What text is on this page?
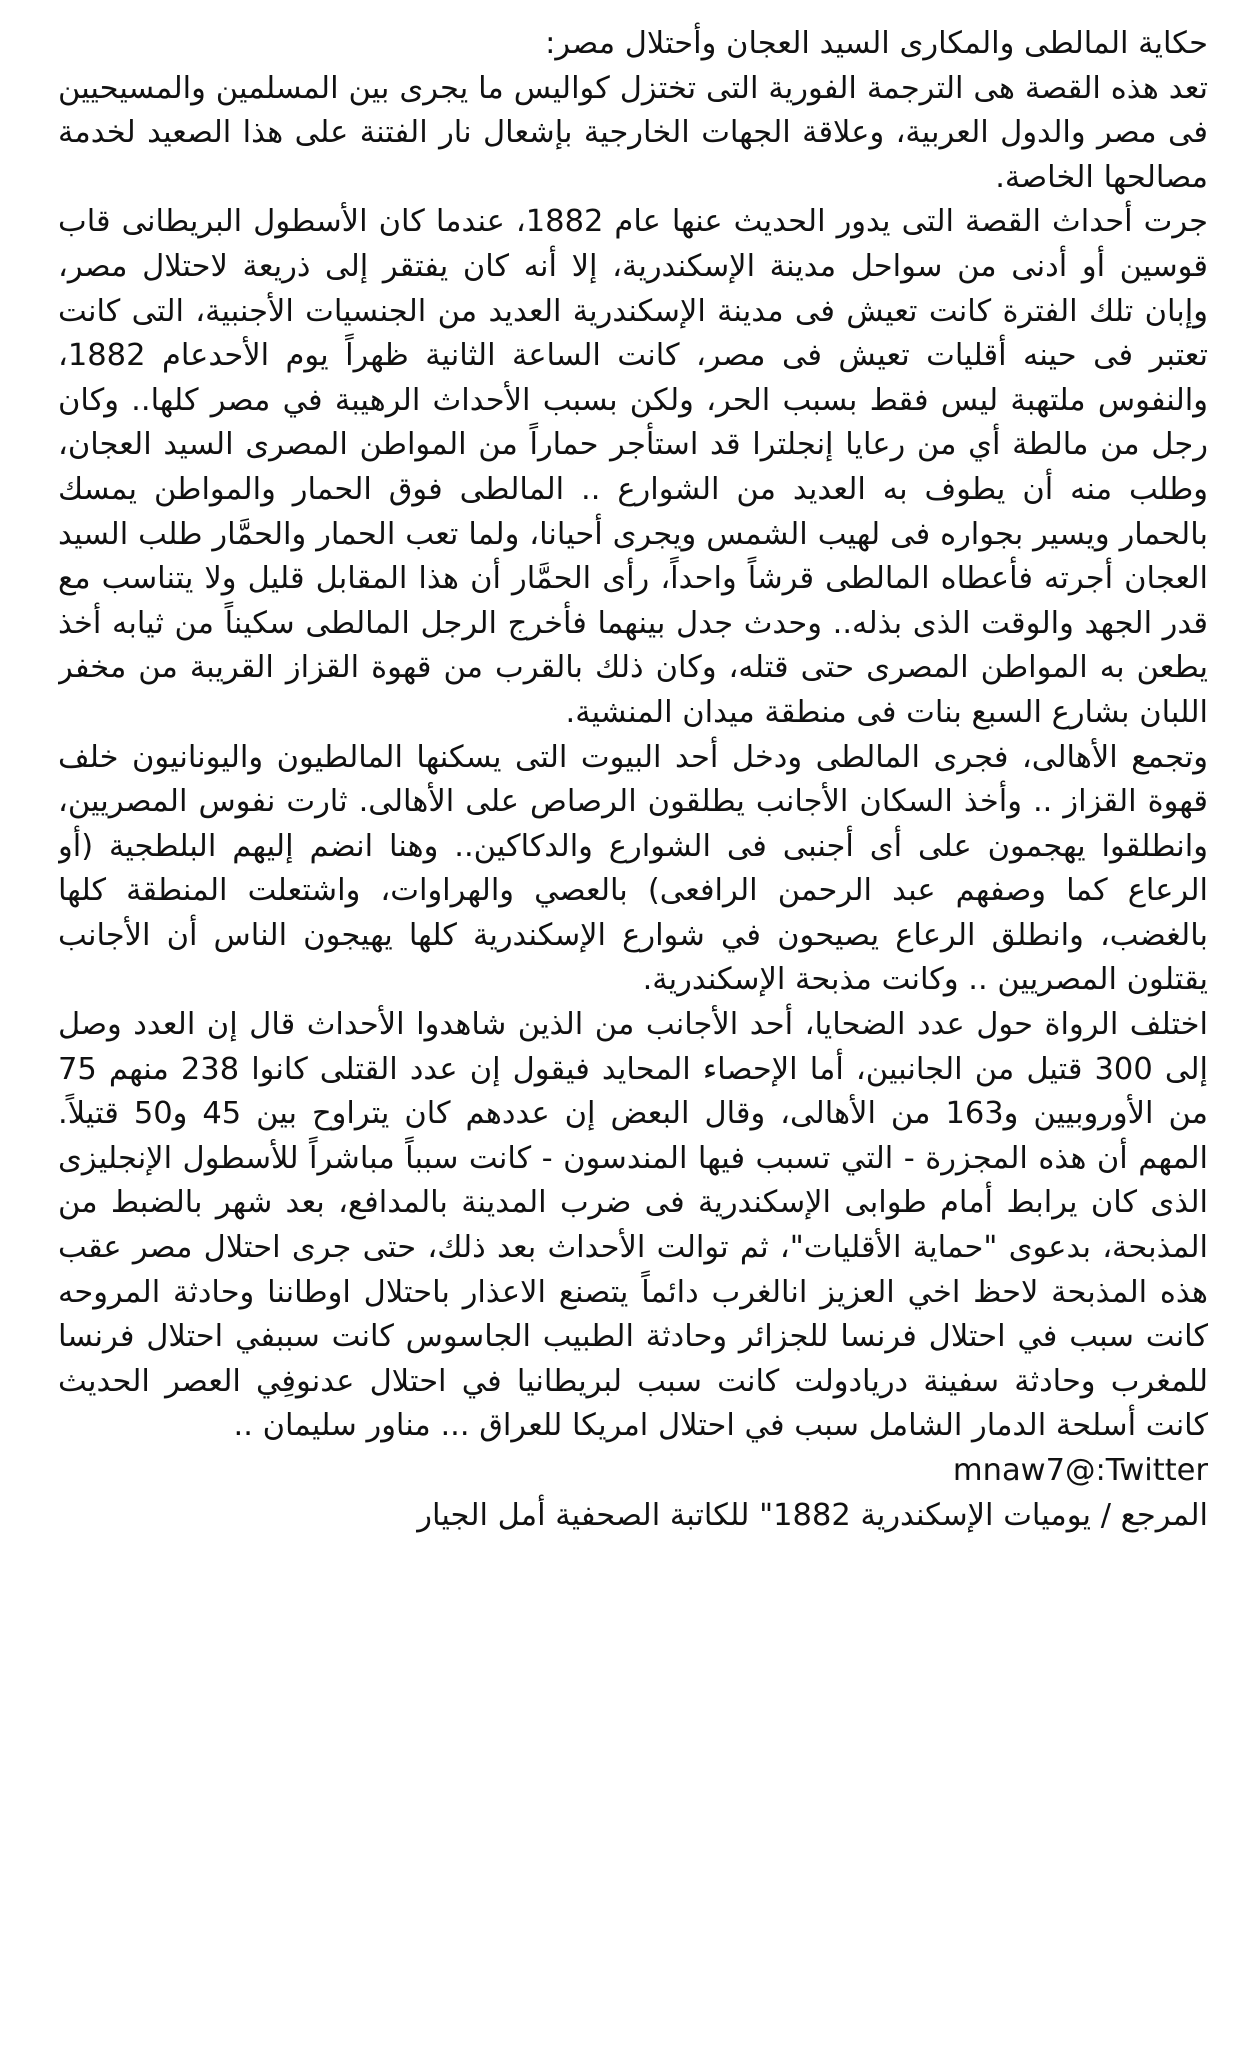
حكاية المالطى والمكارى السيد العجان وأحتلال مصر:

تعد هذه القصة هى الترجمة الفورية التى تختزل كواليس ما يجرى بين المسلمين والمسيحيين فى مصر والدول العربية، وعلاقة الجهات الخارجية بإشعال نار الفتنة على هذا الصعيد لخدمة مصالحها الخاصة.

جرت أحداث القصة التى يدور الحديث عنها عام 1882، عندما كان الأسطول البريطانى قاب قوسين أو أدنى من سواحل مدينة الإسكندرية، إلا أنه كان يفتقر إلى ذريعة لاحتلال مصر، وإبان تلك الفترة كانت تعيش فى مدينة الإسكندرية العديد من الجنسيات الأجنبية، التى كانت تعتبر فى حينه أقليات تعيش فى مصر، كانت الساعة الثانية ظهراً يوم الأحدعام 1882، والنفوس ملتهبة ليس فقط بسبب الحر، ولكن بسبب الأحداث الرهيبة في مصر كلها.. وكان رجل من مالطة أي من رعايا إنجلترا قد استأجر حماراً من المواطن المصرى السيد العجان، وطلب منه أن يطوف به العديد من الشوارع .. المالطى فوق الحمار والمواطن يمسك بالحمار ويسير بجواره فى لهيب الشمس ويجرى أحيانا، ولما تعب الحمار والحمَّار طلب السيد العجان أجرته فأعطاه المالطى قرشاً واحداً، رأى الحمَّار أن هذا المقابل قليل ولا يتناسب مع قدر الجهد والوقت الذى بذله.. وحدث جدل بينهما فأخرج الرجل المالطى سكيناً من ثيابه أخذ يطعن به المواطن المصرى حتى قتله، وكان ذلك بالقرب من قهوة القزاز القريبة من مخفر اللبان بشارع السبع بنات فى منطقة ميدان المنشية.

وتجمع الأهالى، فجرى المالطى ودخل أحد البيوت التى يسكنها المالطيون واليونانيون خلف قهوة القزاز .. وأخذ السكان الأجانب يطلقون الرصاص على الأهالى. ثارت نفوس المصريين، وانطلقوا يهجمون على أى أجنبى فى الشوارع والدكاكين.. وهنا انضم إليهم البلطجية (أو الرعاع كما وصفهم عبد الرحمن الرافعى) بالعصي والهراوات، واشتعلت المنطقة كلها بالغضب، وانطلق الرعاع يصيحون في شوارع الإسكندرية كلها يهيجون الناس أن الأجانب يقتلون المصريين .. وكانت مذبحة الإسكندرية.

اختلف الرواة حول عدد الضحايا، أحد الأجانب من الذين شاهدوا الأحداث قال إن العدد وصل إلى 300 قتيل من الجانبين، أما الإحصاء المحايد فيقول إن عدد القتلى كانوا 238 منهم 75 من الأوروبيين و163 من الأهالى، وقال البعض إن عددهم كان يتراوح بين 45 و50 قتيلاً. المهم أن هذه المجزرة - التي تسبب فيها المندسون - كانت سبباً مباشراً للأسطول الإنجليزى الذى كان يرابط أمام طوابى الإسكندرية فى ضرب المدينة بالمدافع، بعد شهر بالضبط من المذبحة، بدعوى "حماية الأقليات"، ثم توالت الأحداث بعد ذلك، حتى جرى احتلال مصر عقب هذه المذبحة لاحظ اخي العزيز انالغرب دائماً يتصنع الاعذار باحتلال اوطاننا وحادثة المروحه كانت سبب في احتلال فرنسا للجزائر وحادثة الطبيب الجاسوس كانت سببفي احتلال فرنسا للمغرب وحادثة سفينة دريادولت كانت سبب لبريطانيا في احتلال عدنوفِي العصر الحديث كانت أسلحة الدمار الشامل سبب في احتلال امريكا للعراق ... مناور سليمان ..

mnaw7@:Twitter

المرجع / يوميات الإسكندرية 1882" للكاتبة الصحفية أمل الجيار
